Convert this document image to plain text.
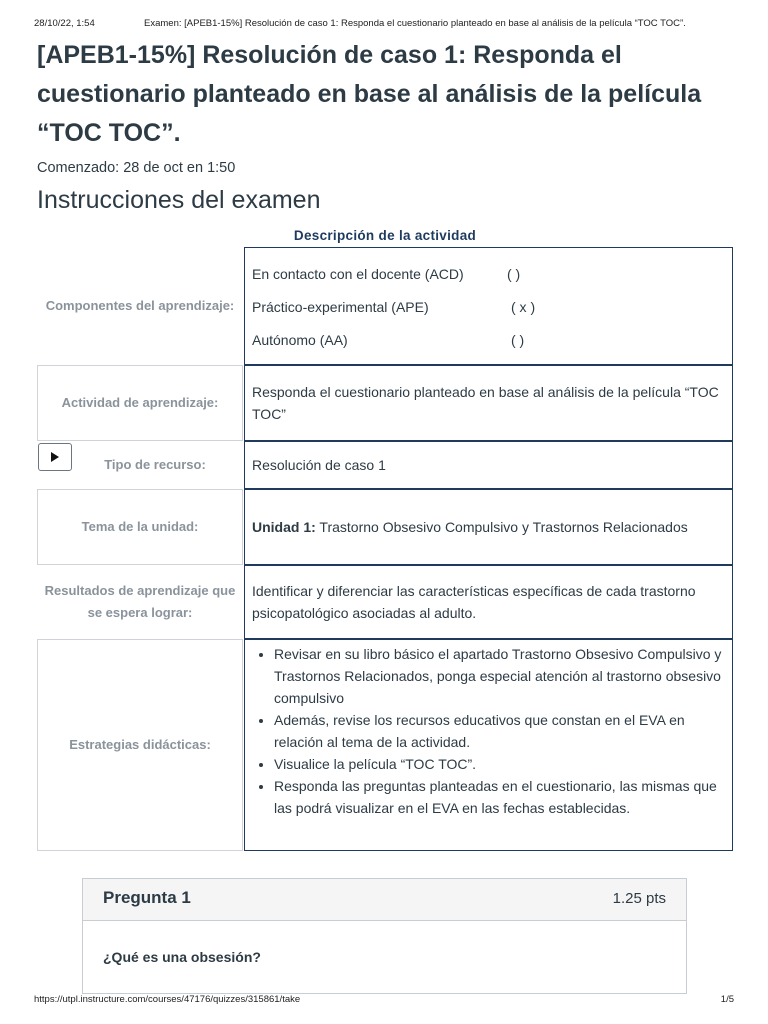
28/10/22, 1:54	Examen: [APEB1-15%] Resolución de caso 1: Responda el cuestionario planteado en base al análisis de la película “TOC TOC”.
[APEB1-15%] Resolución de caso 1: Responda el cuestionario planteado en base al análisis de la película “TOC TOC”.
Comenzado: 28 de oct en 1:50
Instrucciones del examen
Descripción de la actividad
Componentes del aprendizaje:
En contacto con el docente (ACD)	( )
Práctico-experimental (APE)	( x )
Autónomo (AA)	( )
Actividad de aprendizaje:
Responda el cuestionario planteado en base al análisis de la película “TOC TOC”
Tipo de recurso:	Resolución de caso 1
Tema de la unidad:	Unidad 1: Trastorno Obsesivo Compulsivo y Trastornos Relacionados
Resultados de aprendizaje que se espera lograr:
Identificar y diferenciar las características específicas de cada trastorno psicopatológico asociadas al adulto.
Estrategias didácticas:
• Revisar en su libro básico el apartado Trastorno Obsesivo Compulsivo y Trastornos Relacionados, ponga especial atención al trastorno obsesivo compulsivo
• Además, revise los recursos educativos que constan en el EVA en relación al tema de la actividad.
• Visualice la película “TOC TOC”.
• Responda las preguntas planteadas en el cuestionario, las mismas que las podrá visualizar en el EVA en las fechas establecidas.
Pregunta 1	1.25 pts
¿Qué es una obsesión?
https://utpl.instructure.com/courses/47176/quizzes/315861/take	1/5
